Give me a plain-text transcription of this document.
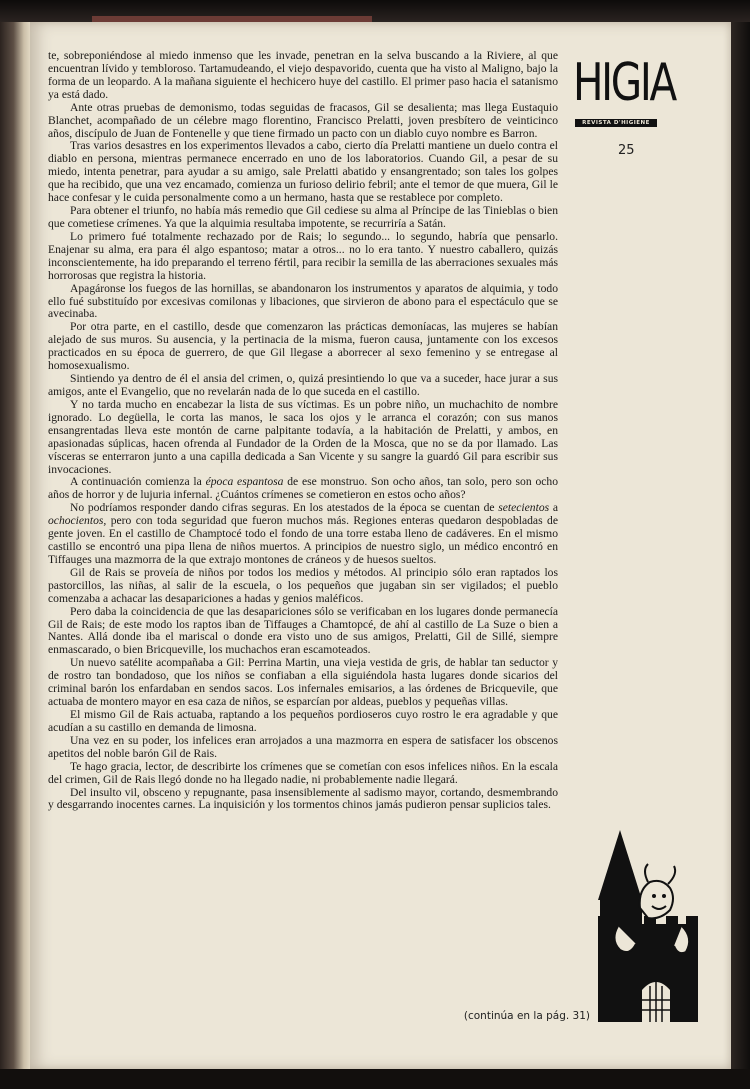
HIGIA
REVISTA D'HIGIENE
25

te, sobreponiéndose al miedo inmenso que les invade, penetran en la selva buscando a la Riviere, al que encuentran lívido y tembloroso. Tartamudeando, el viejo despavorido, cuenta que ha visto al Maligno, bajo la forma de un leopardo. A la mañana siguiente el hechicero huye del castillo. El primer paso hacia el satanismo ya está dado.

Ante otras pruebas de demonismo, todas seguidas de fracasos, Gil se desalienta; mas llega Eustaquio Blanchet, acompañado de un célebre mago florentino, Francisco Prelatti, joven presbítero de veinticinco años, discípulo de Juan de Fontenelle y que tiene firmado un pacto con un diablo cuyo nombre es Barron.

Tras varios desastres en los experimentos llevados a cabo, cierto día Prelatti mantiene un duelo contra el diablo en persona, mientras permanece encerrado en uno de los laboratorios. Cuando Gil, a pesar de su miedo, intenta penetrar, para ayudar a su amigo, sale Prelatti abatido y ensangrentado; son tales los golpes que ha recibido, que una vez encamado, comienza un furioso delirio febril; ante el temor de que muera, Gil le hace confesar y le cuida personalmente como a un hermano, hasta que se restablece por completo.

Para obtener el triunfo, no había más remedio que Gil cediese su alma al Príncipe de las Tinieblas o bien que cometiese crímenes. Ya que la alquimia resultaba impotente, se recurriría a Satán.

Lo primero fué totalmente rechazado por de Rais; lo segundo... lo segundo, habría que pensarlo. Enajenar su alma, era para él algo espantoso; matar a otros... no lo era tanto. Y nuestro caballero, quizás inconscientemente, ha ido preparando el terreno fértil, para recibir la semilla de las aberraciones sexuales más horrorosas que registra la historia.

Apagáronse los fuegos de las hornillas, se abandonaron los instrumentos y aparatos de alquimia, y todo ello fué substituído por excesivas comilonas y libaciones, que sirvieron de abono para el espectáculo que se avecinaba.

Por otra parte, en el castillo, desde que comenzaron las prácticas demoníacas, las mujeres se habían alejado de sus muros. Su ausencia, y la pertinacia de la misma, fueron causa, juntamente con los excesos practicados en su época de guerrero, de que Gil llegase a aborrecer al sexo femenino y se entregase al homosexualismo.

Sintiendo ya dentro de él el ansia del crimen, o, quizá presintiendo lo que va a suceder, hace jurar a sus amigos, ante el Evangelio, que no revelarán nada de lo que suceda en el castillo.

Y no tarda mucho en encabezar la lista de sus víctimas. Es un pobre niño, un muchachito de nombre ignorado. Lo degüella, le corta las manos, le saca los ojos y le arranca el corazón; con sus manos ensangrentadas lleva este montón de carne palpitante todavía, a la habitación de Prelatti, y ambos, en apasionadas súplicas, hacen ofrenda al Fundador de la Orden de la Mosca, que no se da por llamado. Las vísceras se enterraron junto a una capilla dedicada a San Vicente y su sangre la guardó Gil para escribir sus invocaciones.

A continuación comienza la época espantosa de ese monstruo. Son ocho años, tan solo, pero son ocho años de horror y de lujuria infernal. ¿Cuántos crímenes se cometieron en estos ocho años?

No podríamos responder dando cifras seguras. En los atestados de la época se cuentan de setecientos a ochocientos, pero con toda seguridad que fueron muchos más. Regiones enteras quedaron despobladas de gente joven. En el castillo de Champtocé todo el fondo de una torre estaba lleno de cadáveres. En el mismo castillo se encontró una pipa llena de niños muertos. A principios de nuestro siglo, un médico encontró en Tiffauges una mazmorra de la que extrajo montones de cráneos y de huesos sueltos.

Gil de Rais se proveía de niños por todos los medios y métodos. Al principio sólo eran raptados los pastorcillos, las niñas, al salir de la escuela, o los pequeños que jugaban sin ser vigilados; el pueblo comenzaba a achacar las desapariciones a hadas y genios maléficos.

Pero daba la coincidencia de que las desapariciones sólo se verificaban en los lugares donde permanecía Gil de Rais; de este modo los raptos iban de Tiffauges a Chamtopcé, de ahí al castillo de La Suze o bien a Nantes. Allá donde iba el mariscal o donde era visto uno de sus amigos, Prelatti, Gil de Sillé, siempre enmascarado, o bien Bricqueville, los muchachos eran escamoteados.

Un nuevo satélite acompañaba a Gil: Perrina Martin, una vieja vestida de gris, de hablar tan seductor y de rostro tan bondadoso, que los niños se confiaban a ella siguiéndola hasta lugares donde sicarios del criminal barón los enfardaban en sendos sacos. Los infernales emisarios, a las órdenes de Bricquevile, que actuaba de montero mayor en esa caza de niños, se esparcían por aldeas, pueblos y pequeñas villas.

El mismo Gil de Rais actuaba, raptando a los pequeños pordioseros cuyo rostro le era agradable y que acudían a su castillo en demanda de limosna.

Una vez en su poder, los infelices eran arrojados a una mazmorra en espera de satisfacer los obscenos apetitos del noble barón Gil de Rais.

Te hago gracia, lector, de describirte los crímenes que se cometían con esos infelices niños. En la escala del crimen, Gil de Rais llegó donde no ha llegado nadie, ni probablemente nadie llegará.

Del insulto vil, obsceno y repugnante, pasa insensiblemente al sadismo mayor, cortando, desmembrando y desgarrando inocentes carnes. La inquisición y los tormentos chinos jamás pudieron pensar suplicios tales.

(continúa en la pág. 31)
